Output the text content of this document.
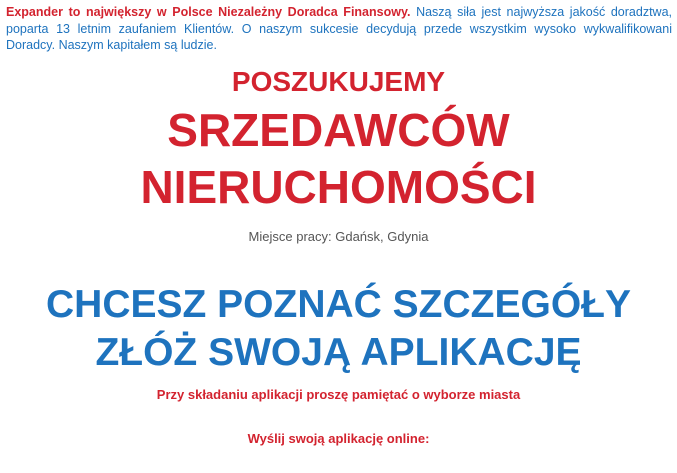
Expander to największy w Polsce Niezależny Doradca Finansowy. Naszą siła jest najwyższa jakość doradztwa, poparta 13 letnim zaufaniem Klientów. O naszym sukcesie decydują przede wszystkim wysoko wykwalifikowani Doradcy. Naszym kapitałem są ludzie.
POSZUKUJEMY
SRZEDAWCÓW
NIERUCHOMOŚCI
Miejsce pracy: Gdańsk, Gdynia
CHCESZ POZNAĆ SZCZEGÓŁY
ZŁÓŻ SWOJĄ APLIKACJĘ
Przy składaniu aplikacji proszę pamiętać o wyborze miasta
Wyślij swoją aplikację online:
